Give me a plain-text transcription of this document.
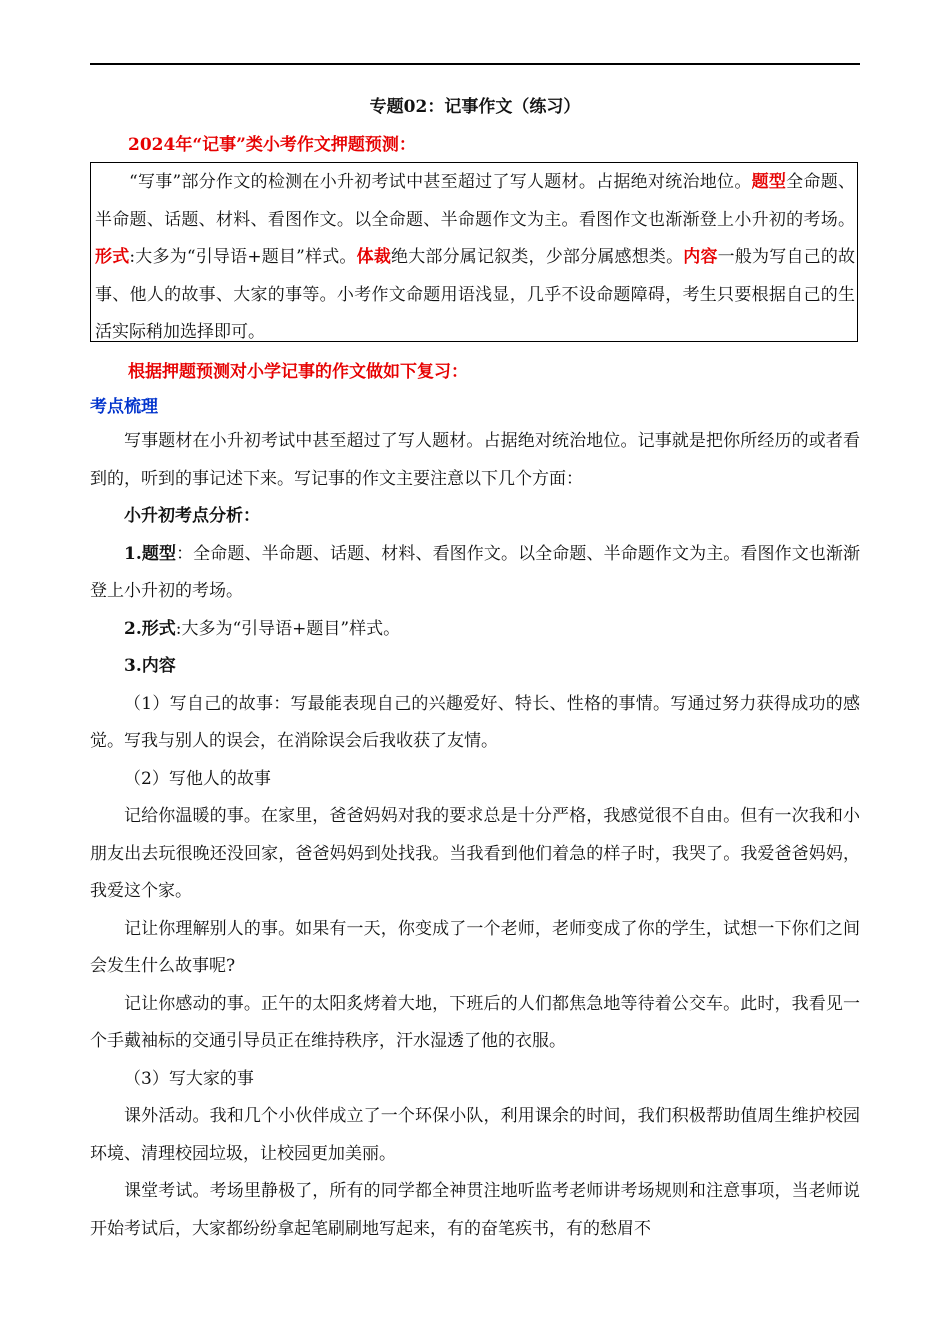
专题02：记事作文（练习）
2024年“记事”类小考作文押题预测：
“写事”部分作文的检测在小升初考试中甚至超过了写人题材。占据绝对统治地位。题型全命题、半命题、话题、材料、看图作文。以全命题、半命题作文为主。看图作文也渐渐登上小升初的考场。形式:大多为“引导语+题目”样式。体裁绝大部分属记叙类，少部分属感想类。内容一般为写自己的故事、他人的故事、大家的事等。小考作文命题用语浅显，几乎不设命题障碍，考生只要根据自己的生活实际稍加选择即可。
根据押题预测对小学记事的作文做如下复习：
考点梳理

写事题材在小升初考试中甚至超过了写人题材。占据绝对统治地位。记事就是把你所经历的或者看到的，听到的事记述下来。写记事的作文主要注意以下几个方面：

小升初考点分析：

1.题型：全命题、半命题、话题、材料、看图作文。以全命题、半命题作文为主。看图作文也渐渐登上小升初的考场。

2.形式:大多为“引导语+题目”样式。

3.内容

（1）写自己的故事：写最能表现自己的兴趣爱好、特长、性格的事情。写通过努力获得成功的感觉。写我与别人的误会，在消除误会后我收获了友情。

（2）写他人的故事

记给你温暖的事。在家里，爸爸妈妈对我的要求总是十分严格，我感觉很不自由。但有一次我和小朋友出去玩很晚还没回家，爸爸妈妈到处找我。当我看到他们着急的样子时，我哭了。我爱爸爸妈妈，我爱这个家。

记让你理解别人的事。如果有一天，你变成了一个老师，老师变成了你的学生，试想一下你们之间会发生什么故事呢?

记让你感动的事。正午的太阳炙烤着大地，下班后的人们都焦急地等待着公交车。此时，我看见一个手戴袖标的交通引导员正在维持秩序，汗水湿透了他的衣服。

（3）写大家的事

课外活动。我和几个小伙伴成立了一个环保小队，利用课余的时间，我们积极帮助值周生维护校园环境、清理校园垃圾，让校园更加美丽。

课堂考试。考场里静极了，所有的同学都全神贯注地听监考老师讲考场规则和注意事项，当老师说开始考试后，大家都纷纷拿起笔刷刷地写起来，有的奋笔疾书，有的愁眉不
